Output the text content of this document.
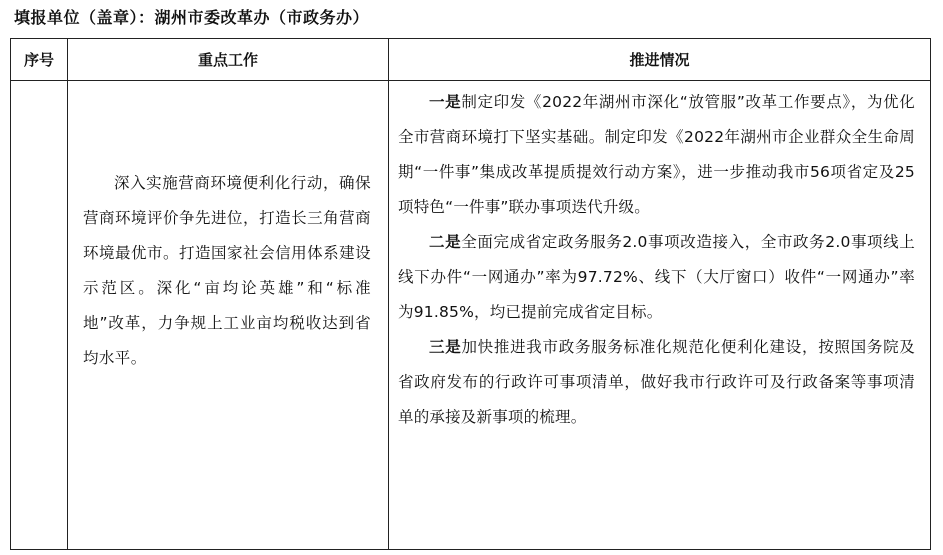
填报单位（盖章）：湖州市委改革办（市政务办）
序号	重点工作	推进情况

	深入实施营商环境便利化行动，确保营商环境评价争先进位，打造长三角营商环境最优市。打造国家社会信用体系建设示范区。深化“亩均论英雄”和“标准地”改革，力争规上工业亩均税收达到省均水平。	一是制定印发《2022年湖州市深化“放管服”改革工作要点》，为优化全市营商环境打下坚实基础。制定印发《2022年湖州市企业群众全生命周期“一件事”集成改革提质提效行动方案》，进一步推动我市56项省定及25项特色“一件事”联办事项迭代升级。
二是全面完成省定政务服务2.0事项改造接入，全市政务2.0事项线上线下办件“一网通办”率为97.72%、线下（大厅窗口）收件“一网通办”率为91.85%，均已提前完成省定目标。
三是加快推进我市政务服务标准化规范化便利化建设，按照国务院及省政府发布的行政许可事项清单，做好我市行政许可及行政备案等事项清单的承接及新事项的梳理。
